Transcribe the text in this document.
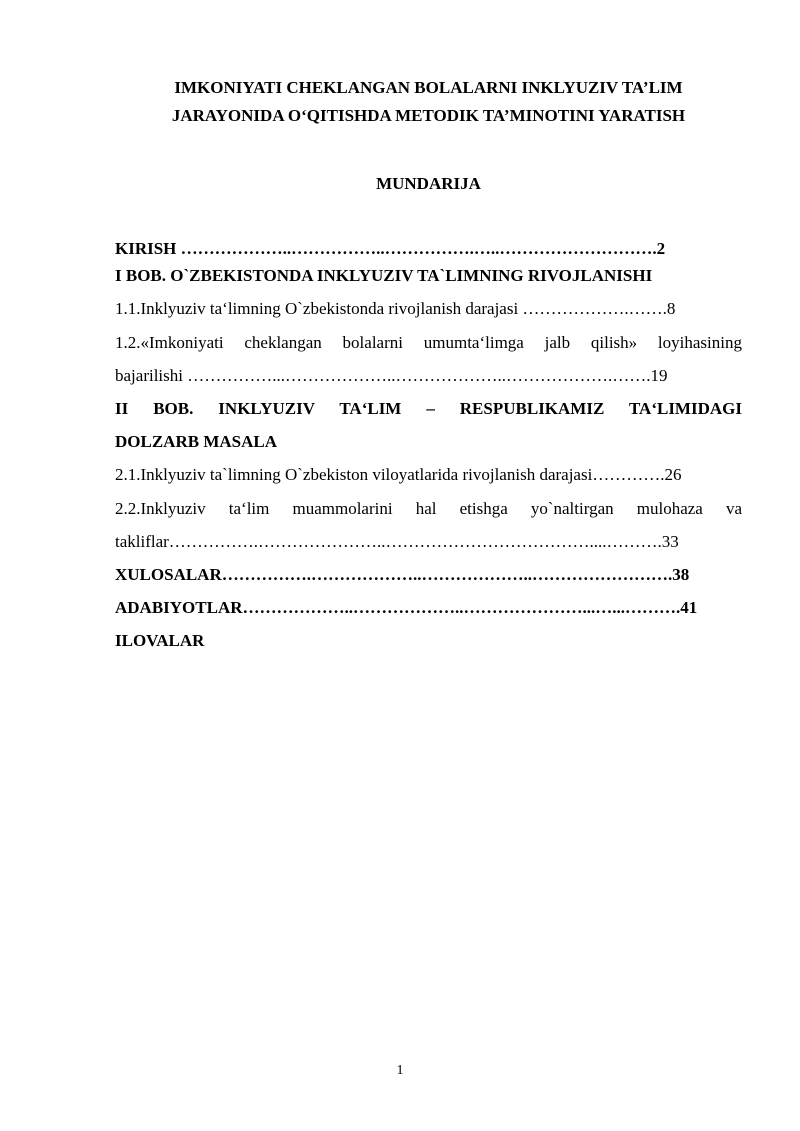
IMKONIYATI CHEKLANGAN BOLALARNI INKLYUZIV TA’LIM
JARAYONIDA O‘QITISHDA METODIK TA’MINOTINI YARATISH
MUNDARIJA
KIRISH ………………..……………..…………….…..……………………….2
I BOB. O`ZBEKISTONDA INKLYUZIV TA`LIMNING RIVOJLANISHI
1.1.Inklyuziv ta‘limning O`zbekistonda rivojlanish darajasi ……………….…….8
1.2.«Imkoniyati cheklangan bolalarni umumta‘limga jalb qilish» loyihasining
bajarilishi ……………...………………..………………..……………….…….19
II BOB. INKLYUZIV TA‘LIM – RESPUBLIKAMIZ TA‘LIMIDAGI
DOLZARB MASALA
2.1.Inklyuziv ta`limning O`zbekiston viloyatlarida rivojlanish darajasi………….26
2.2.Inklyuziv ta‘lim muammolarini hal etishga yo`naltirgan mulohaza va
takliflar…………….…………………..………………………………....……….33
XULOSALAR…………….………………..………………..…………………….38
ADABIYOTLAR………………..………………..…………………...…...……….41
ILOVALAR
1
